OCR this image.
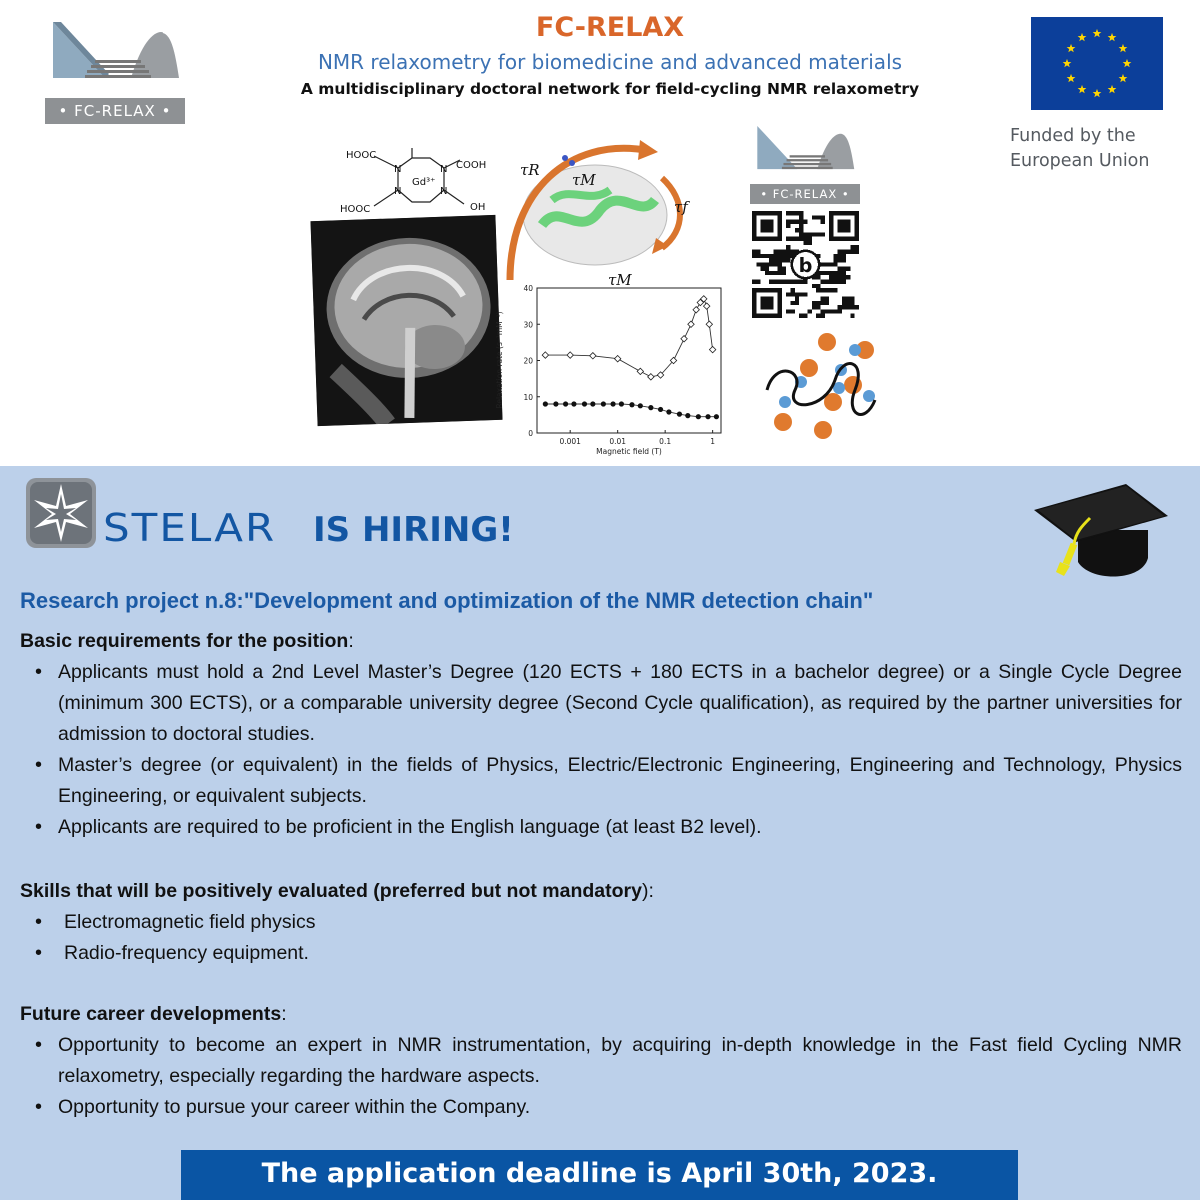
• FC-RELAX •
FC-RELAX
NMR relaxometry for biomedicine and advanced materials
A multidisciplinary doctoral network for field-cycling NMR relaxometry
Funded by the
European Union
HOOC
COOH
HOOC	OH
Gd³⁺
N	N
N	N
τR
τM
τf
τM
0
10
20
30
40
0.001	0.01	0.1	1
Relaxation rate (s⁻¹mM⁻¹)
Magnetic field (T)
• FC-RELAX •
b
STELAR IS HIRING!
Research project n.8:"Development and optimization of the NMR detection chain"
Basic requirements for the position:
• Applicants must hold a 2nd Level Master’s Degree (120 ECTS + 180 ECTS in a bachelor degree) or a Single Cycle Degree (minimum 300 ECTS), or a comparable university degree (Second Cycle qualification), as required by the partner universities for admission to doctoral studies.
• Master’s degree (or equivalent) in the fields of Physics, Electric/Electronic Engineering, Engineering and Technology, Physics Engineering, or equivalent subjects.
• Applicants are required to be proficient in the English language (at least B2 level).
Skills that will be positively evaluated (preferred but not mandatory):
• Electromagnetic field physics
• Radio-frequency equipment.
Future career developments:
• Opportunity to become an expert in NMR instrumentation, by acquiring in-depth knowledge in the Fast field Cycling NMR relaxometry, especially regarding the hardware aspects.
• Opportunity to pursue your career within the Company.
The application deadline is April 30th, 2023.
